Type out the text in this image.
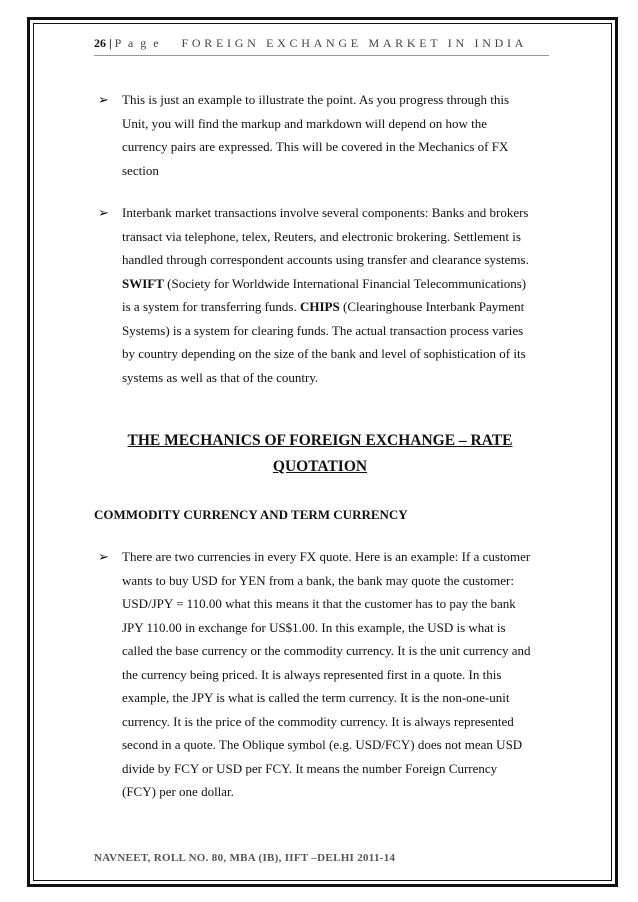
26 | P a g e FOREIGN EXCHANGE MARKET IN INDIA
➢ This is just an example to illustrate the point. As you progress through this

Unit, you will find the markup and markdown will depend on how the

currency pairs are expressed. This will be covered in the Mechanics of FX

section

➢ Interbank market transactions involve several components: Banks and brokers

transact via telephone, telex, Reuters, and electronic brokering. Settlement is

handled through correspondent accounts using transfer and clearance systems.

SWIFT (Society for Worldwide International Financial Telecommunications)

is a system for transferring funds. CHIPS (Clearinghouse Interbank Payment

Systems) is a system for clearing funds. The actual transaction process varies

by country depending on the size of the bank and level of sophistication of its

systems as well as that of the country.

THE MECHANICS OF FOREIGN EXCHANGE – RATE
QUOTATION
COMMODITY CURRENCY AND TERM CURRENCY
➢ There are two currencies in every FX quote. Here is an example: If a customer

wants to buy USD for YEN from a bank, the bank may quote the customer:

USD/JPY = 110.00 what this means it that the customer has to pay the bank

JPY 110.00 in exchange for US$1.00. In this example, the USD is what is

called the base currency or the commodity currency. It is the unit currency and

the currency being priced. It is always represented first in a quote. In this

example, the JPY is what is called the term currency. It is the non-one-unit

currency. It is the price of the commodity currency. It is always represented

second in a quote. The Oblique symbol (e.g. USD/FCY) does not mean USD

divide by FCY or USD per FCY. It means the number Foreign Currency

(FCY) per one dollar.

NAVNEET, ROLL NO. 80, MBA (IB), IIFT –DELHI 2011-14
